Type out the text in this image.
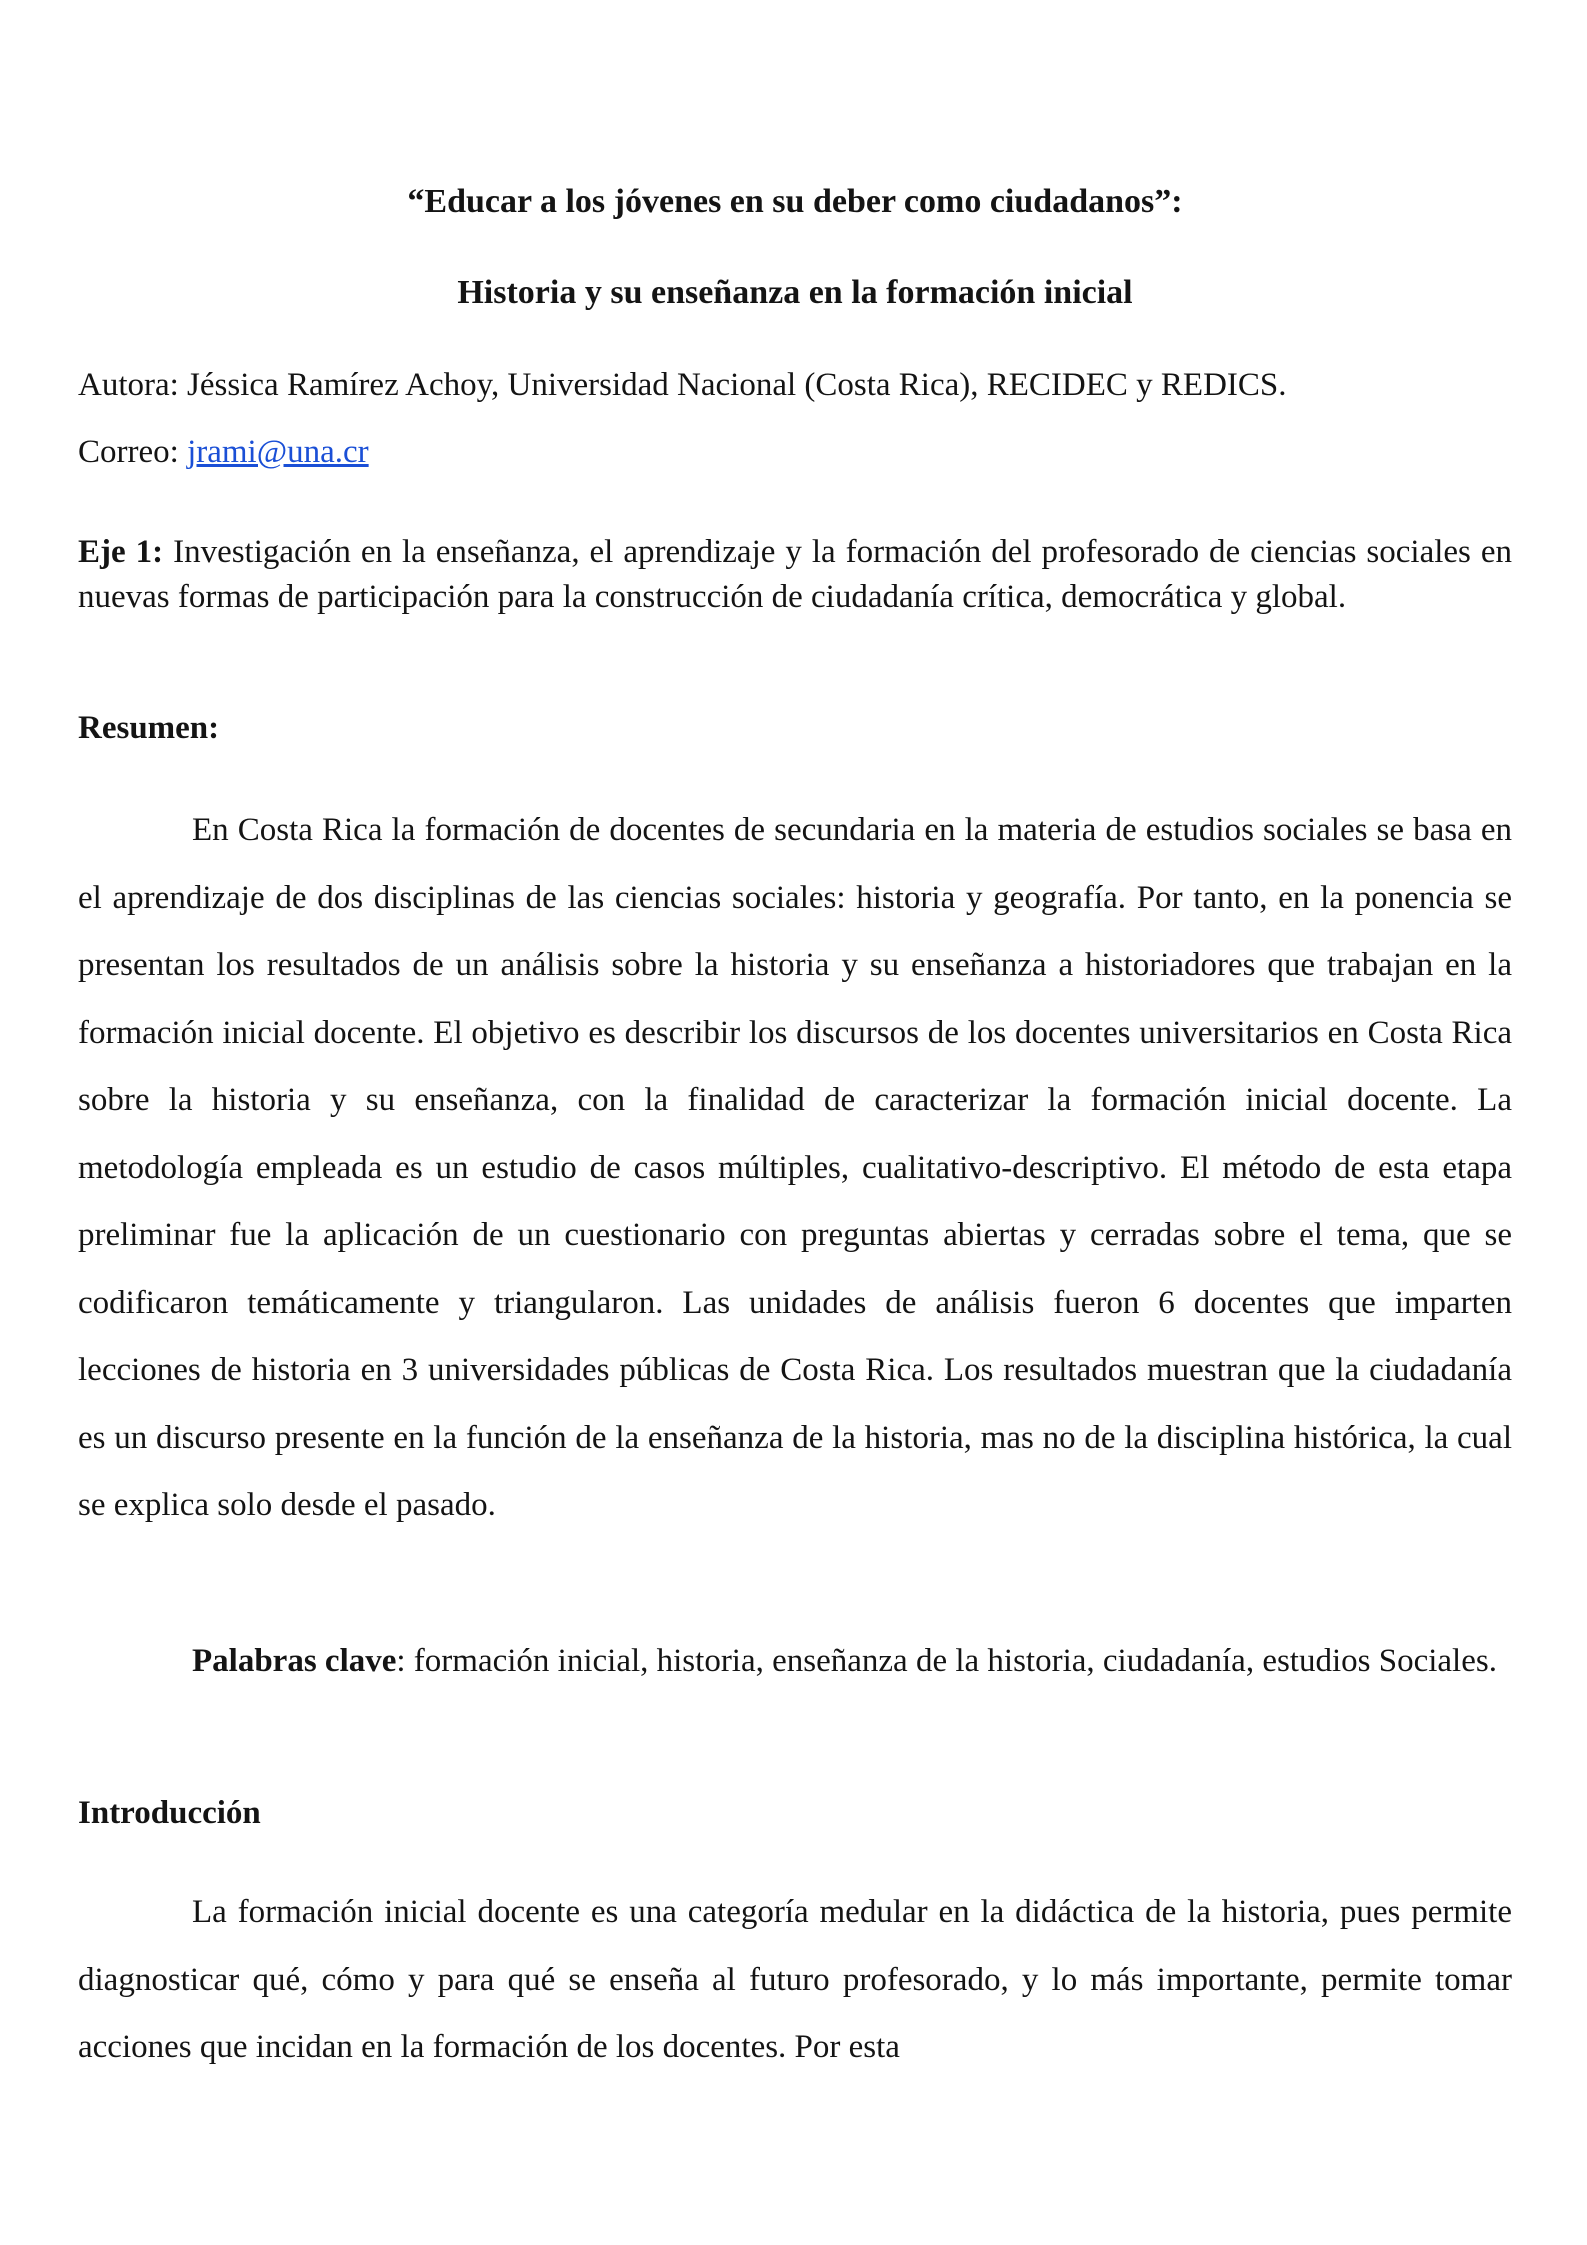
“Educar a los jóvenes en su deber como ciudadanos”:

Historia y su enseñanza en la formación inicial

Autora: Jéssica Ramírez Achoy, Universidad Nacional (Costa Rica), RECIDEC y REDICS.

Correo: jrami@una.cr

Eje 1: Investigación en la enseñanza, el aprendizaje y la formación del profesorado de ciencias sociales en nuevas formas de participación para la construcción de ciudadanía crítica, democrática y global.

Resumen:

En Costa Rica la formación de docentes de secundaria en la materia de estudios sociales se basa en el aprendizaje de dos disciplinas de las ciencias sociales: historia y geografía. Por tanto, en la ponencia se presentan los resultados de un análisis sobre la historia y su enseñanza a historiadores que trabajan en la formación inicial docente. El objetivo es describir los discursos de los docentes universitarios en Costa Rica sobre la historia y su enseñanza, con la finalidad de caracterizar la formación inicial docente. La metodología empleada es un estudio de casos múltiples, cualitativo-descriptivo. El método de esta etapa preliminar fue la aplicación de un cuestionario con preguntas abiertas y cerradas sobre el tema, que se codificaron temáticamente y triangularon. Las unidades de análisis fueron 6 docentes que imparten lecciones de historia en 3 universidades públicas de Costa Rica. Los resultados muestran que la ciudadanía es un discurso presente en la función de la enseñanza de la historia, mas no de la disciplina histórica, la cual se explica solo desde el pasado.

Palabras clave: formación inicial, historia, enseñanza de la historia, ciudadanía, estudios Sociales.

Introducción

La formación inicial docente es una categoría medular en la didáctica de la historia, pues permite diagnosticar qué, cómo y para qué se enseña al futuro profesorado, y lo más importante, permite tomar acciones que incidan en la formación de los docentes. Por esta
